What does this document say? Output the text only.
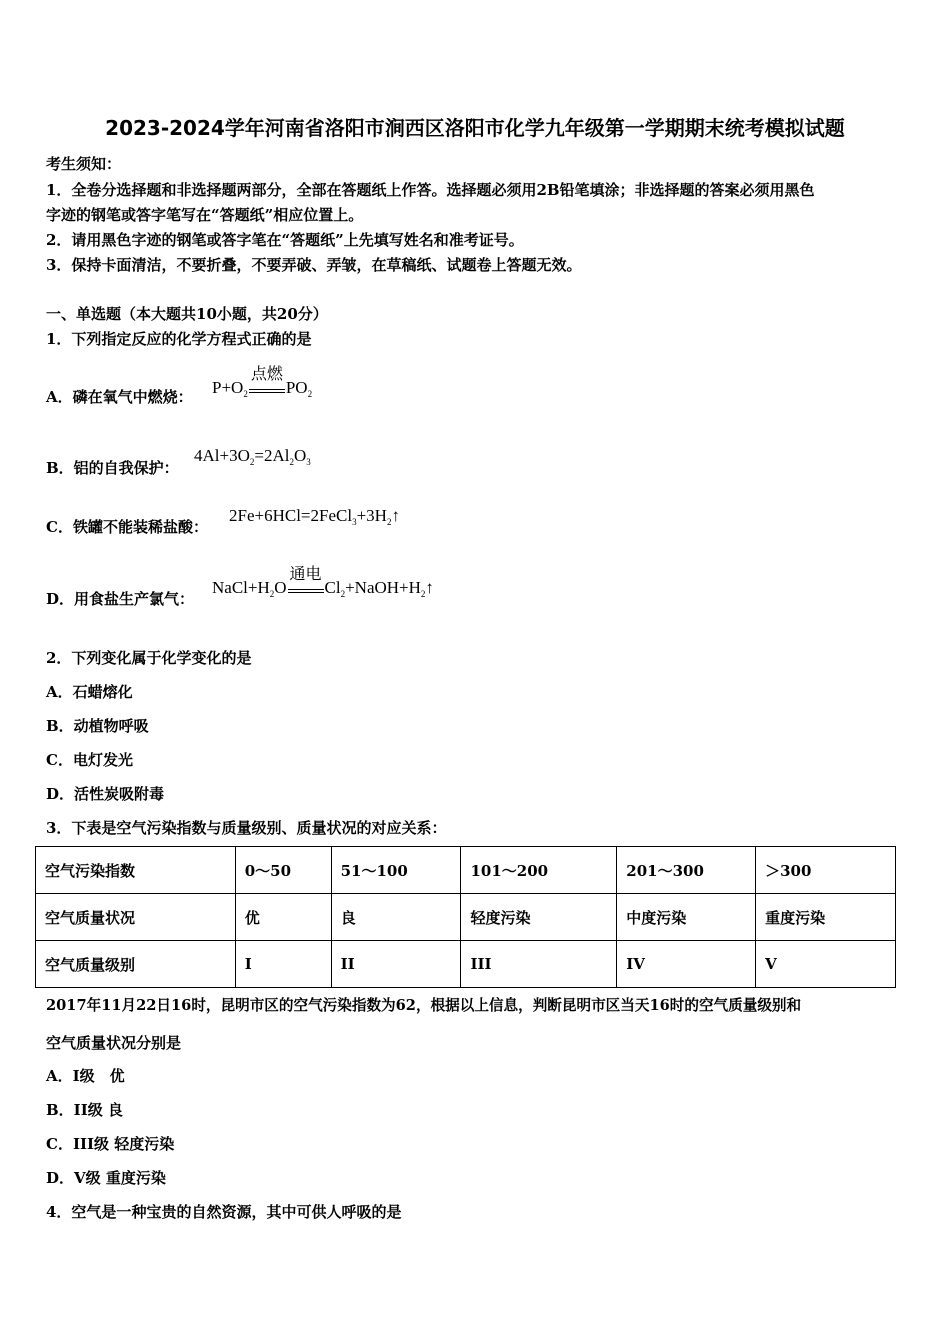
2023-2024学年河南省洛阳市涧西区洛阳市化学九年级第一学期期末统考模拟试题
考生须知：
1．全卷分选择题和非选择题两部分，全部在答题纸上作答。选择题必须用2B铅笔填涂；非选择题的答案必须用黑色
字迹的钢笔或答字笔写在“答题纸”相应位置上。
2．请用黑色字迹的钢笔或答字笔在“答题纸”上先填写姓名和准考证号。
3．保持卡面清洁，不要折叠，不要弄破、弄皱，在草稿纸、试题卷上答题无效。
一、单选题（本大题共10小题，共20分）
1．下列指定反应的化学方程式正确的是
A．磷在氧气中燃烧： $P+O_2$
点燃
$PO_2$
B．铝的自我保护：
$4Al+3O_2=2Al_2O_3$
C．铁罐不能装稀盐酸：
$2Fe+6HCl=2FeCl_3+3H_2↑$
D．用食盐生产氯气：
$NaCl+H_2O$
通电
$Cl_2+NaOH+H_2↑$
2．下列变化属于化学变化的是
A．石蜡熔化
B．动植物呼吸
C．电灯发光
D．活性炭吸附毒
3．下表是空气污染指数与质量级别、质量状况的对应关系：
空气污染指数	0～50	51～100	101～200	201～300	＞300
空气质量状况	优	良	轻度污染	中度污染	重度污染
空气质量级别	I	II	III	IV	V
2017年11月22日16时，昆明市区的空气污染指数为62，根据以上信息，判断昆明市区当天16时的空气质量级别和
空气质量状况分别是
A．I级　优
B．II级 良
C．III级 轻度污染
D．V级 重度污染
4．空气是一种宝贵的自然资源，其中可供人呼吸的是
